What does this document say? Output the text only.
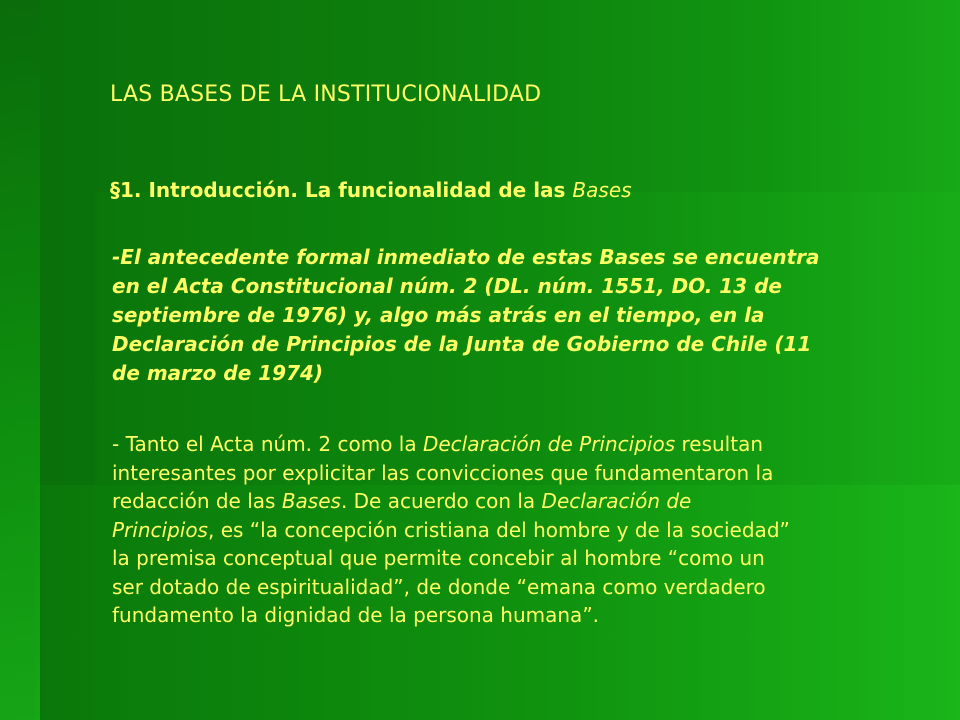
LAS BASES DE LA INSTITUCIONALIDAD
§1. Introducción. La funcionalidad de las Bases
-El antecedente formal inmediato de estas Bases se encuentra
en el Acta Constitucional núm. 2 (DL. núm. 1551, DO. 13 de
septiembre de 1976) y, algo más atrás en el tiempo, en la
Declaración de Principios de la Junta de Gobierno de Chile (11
de marzo de 1974)
- Tanto el Acta núm. 2 como la Declaración de Principios resultan
interesantes por explicitar las convicciones que fundamentaron la
redacción de las Bases. De acuerdo con la Declaración de
Principios, es “la concepción cristiana del hombre y de la sociedad”
la premisa conceptual que permite concebir al hombre “como un
ser dotado de espiritualidad”, de donde “emana como verdadero
fundamento la dignidad de la persona humana”.
